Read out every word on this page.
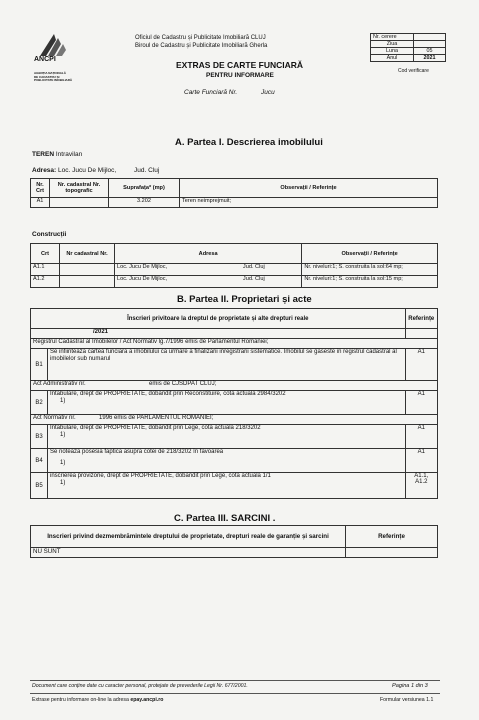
ANCPI
AGENȚIA NAȚIONALĂ
DE CADASTRU ȘI
PUBLICITATE IMOBILIARĂ
Oficiul de Cadastru și Publicitate Imobiliară CLUJ
Biroul de Cadastru și Publicitate Imobiliară Gherla
EXTRAS DE CARTE FUNCIARĂ
PENTRU INFORMARE
Carte Funciară Nr.	Jucu
Nr. cerere	
Ziua	
Luna	05
Anul	2021
Cod verificare
A. Partea I. Descrierea imobilului
TEREN Intravilan
Adresa: Loc. Jucu De Mijloc,	Jud. Cluj
Nr. Crt	Nr. cadastral Nr. topografic	Suprafața* (mp)	Observații / Referințe
A1		3.202	Teren neimprejmuit;
Construcții
Crt	Nr cadastral Nr.	Adresa		Observații / Referințe
A1.1		Loc. Jucu De Mijloc,	Jud. Cluj	Nr. niveluri:1; S. construita la sol:64 mp;
A1.2		Loc. Jucu De Mijloc,	Jud. Cluj	Nr. niveluri:1; S. construita la sol:15 mp;
B. Partea II. Proprietari și acte
Înscrieri privitoare la dreptul de proprietate și alte drepturi reale		Referințe
/2021		
Registrul Cadastral al Imobilelor / Act Normativ lg.7/1996 emis de Parlamentul Romaniei;		
B1	Se infiinteaza cartea funciara a imobilului ca urmare a finalizarii inregistrarii sistematice. Imobilul se gaseste in registrul cadastral al imobilelor sub numarul	A1
Act Administrativ nr.                                      emis de CJSDPAT CLUJ;		
B2	Intabulare, drept de PROPRIETATE, dobandit prin Reconstituire, cota actuala 2984/3202
1)	A1
Act Normativ nr.              1996 emis de PARLAMENTUL ROMANIEI;		
B3	Intabulare, drept de PROPRIETATE, dobandit prin Lege, cota actuala 218/3202
1)	A1
B4	Se noteaza posesia faptica asupra cotei de 218/3202 în favoarea
1)	A1
B5	inscrierea provizorie, drept de PROPRIETATE, dobandit prin Lege, cota actuala 1/1
1)	A1.1, A1.2
C. Partea III. SARCINI .
Inscrieri privind dezmembrămintele dreptului de proprietate, drepturi reale de garanție și sarcini	Referințe
NU SUNT	
Document care conține date cu caracter personal, protejate de prevederile Legii Nr. 677/2001.	Pagina 1 din 3
Extrase pentru informare on-line la adresa epay.ancpi.ro	Formular versiunea 1.1
